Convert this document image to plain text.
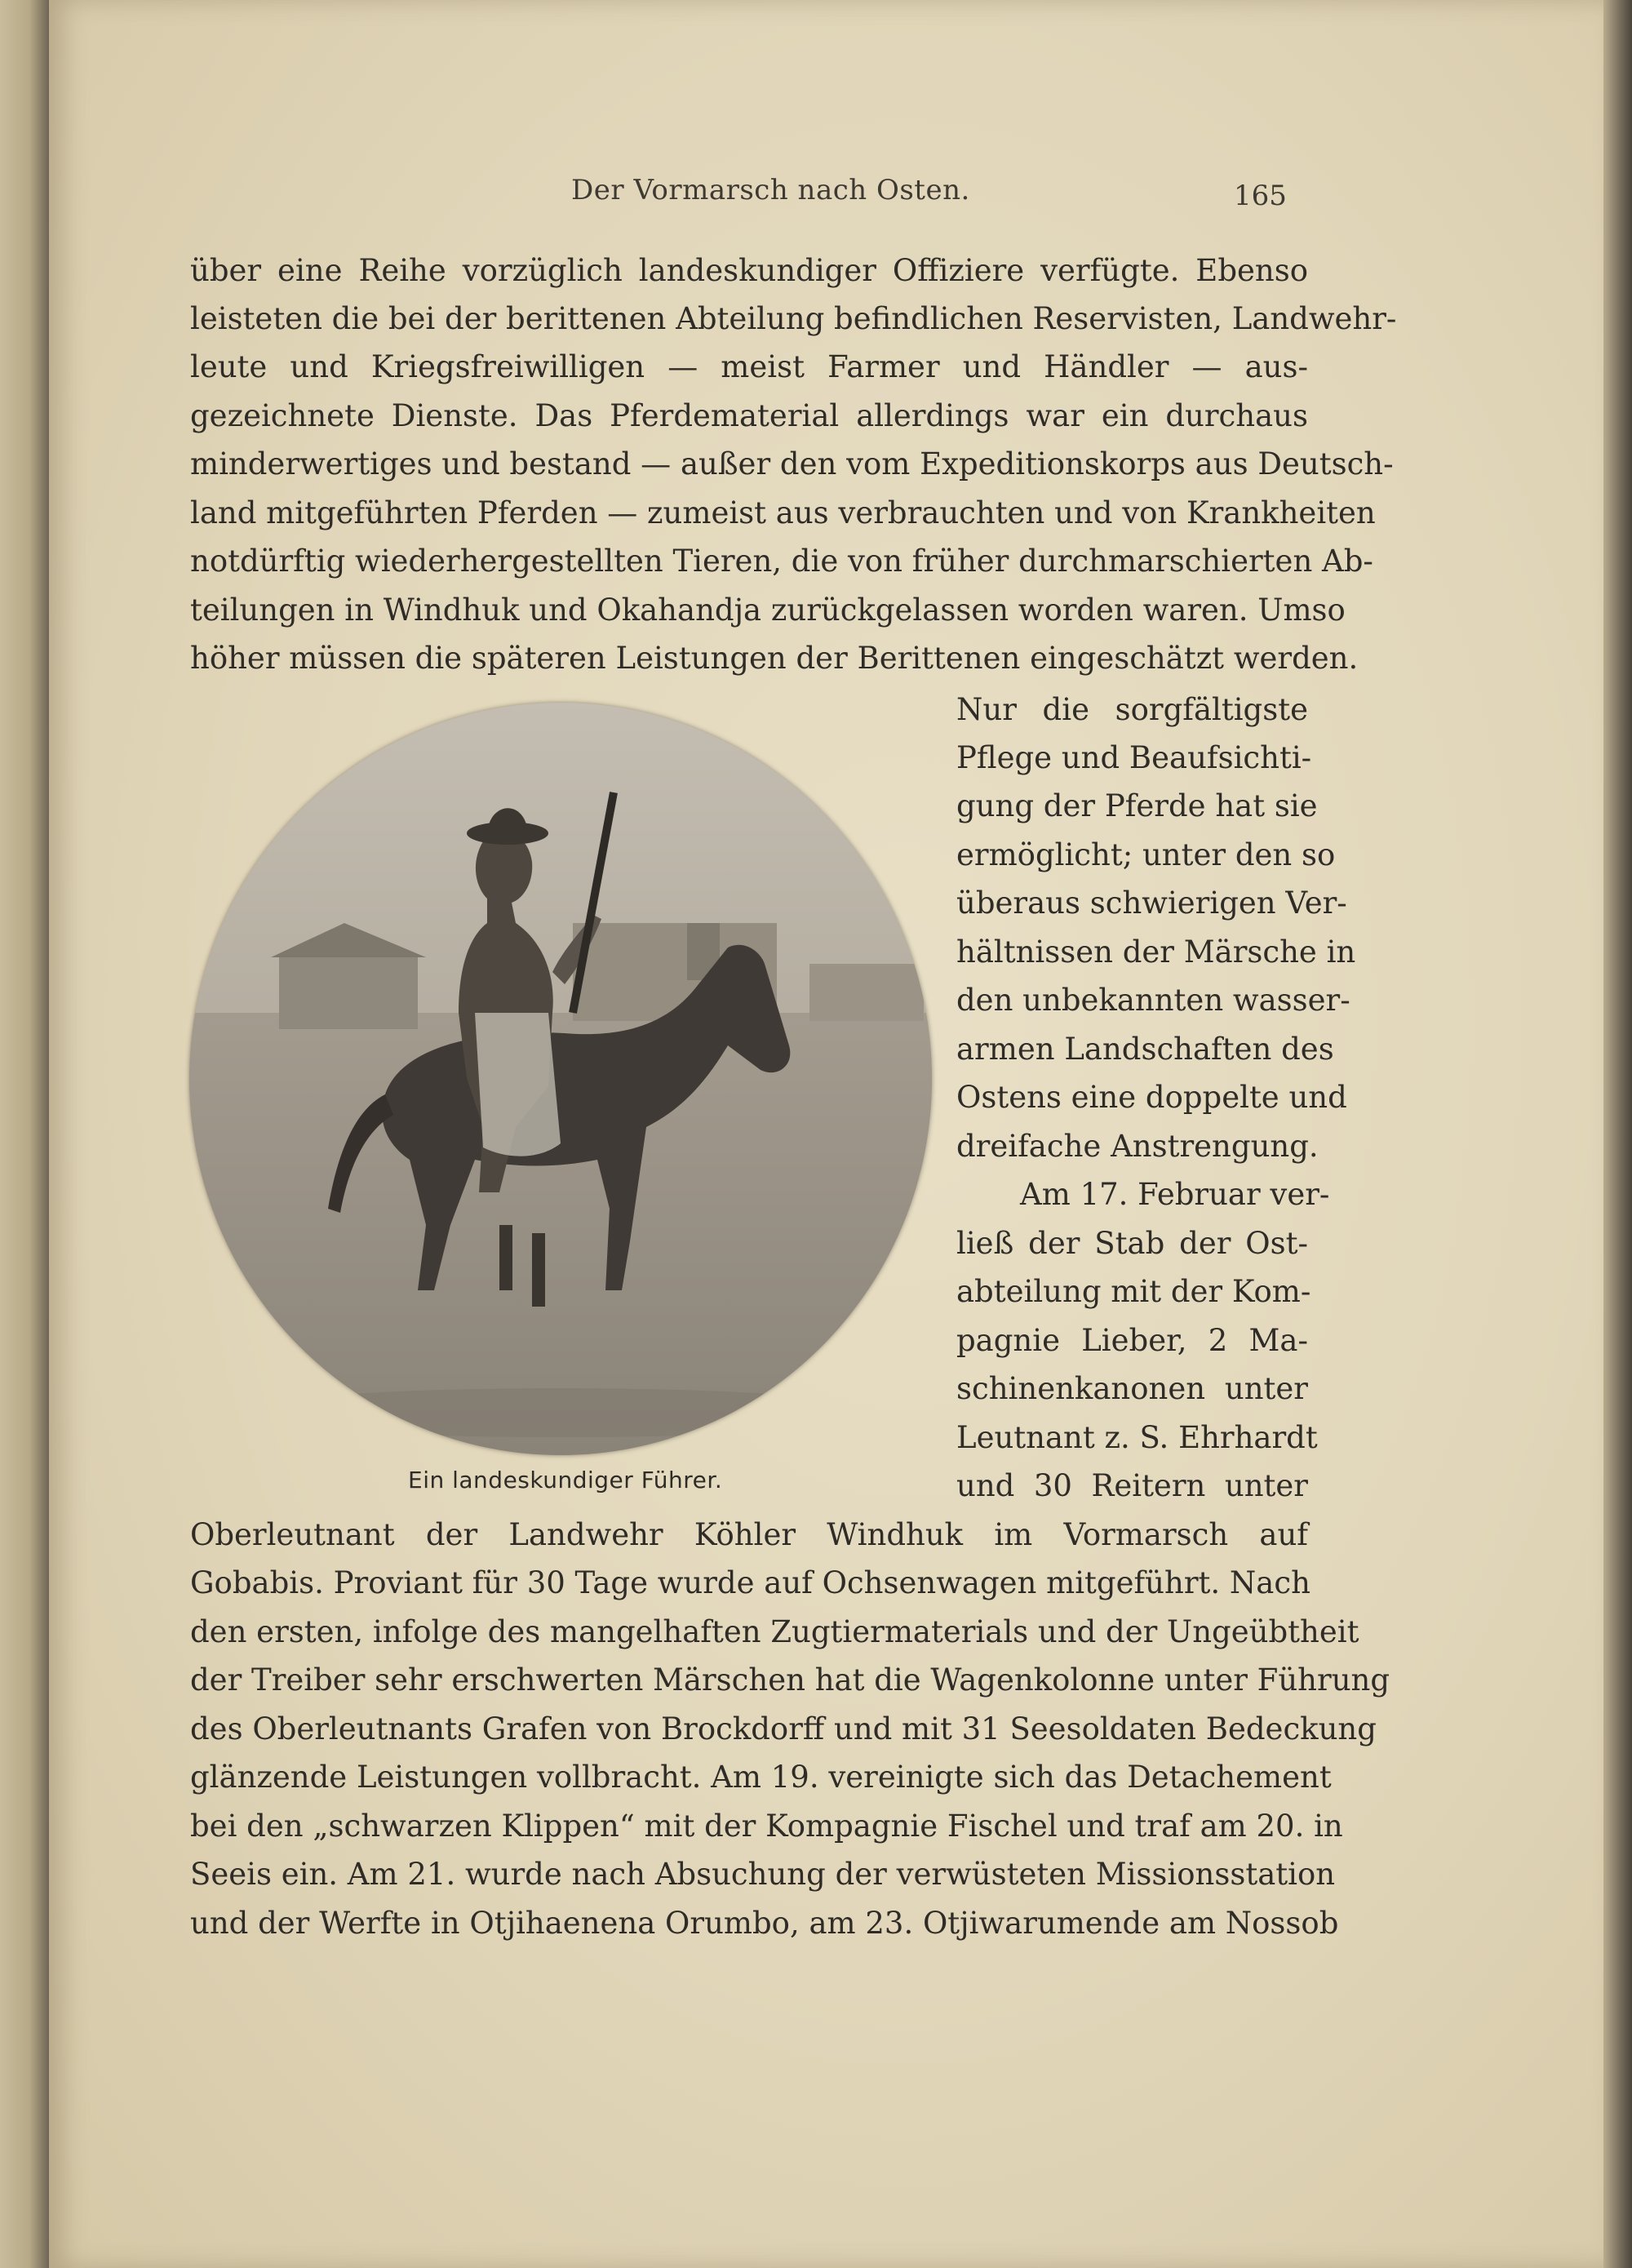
Der Vormarsch nach Osten.	165
über eine Reihe vorzüglich landeskundiger Offiziere verfügte. Ebenso
leisteten die bei der berittenen Abteilung befindlichen Reservisten, Landwehr-
leute und Kriegsfreiwilligen — meist Farmer und Händler — aus-
gezeichnete Dienste. Das Pferdematerial allerdings war ein durchaus
minderwertiges und bestand — außer den vom Expeditionskorps aus Deutsch-
land mitgeführten Pferden — zumeist aus verbrauchten und von Krankheiten
notdürftig wiederhergestellten Tieren, die von früher durchmarschierten Ab-
teilungen in Windhuk und Okahandja zurückgelassen worden waren. Umso
höher müssen die späteren Leistungen der Berittenen eingeschätzt werden.
Ein landeskundiger Führer.
Nur die sorgfältigste
Pflege und Beaufsichti-
gung der Pferde hat sie
ermöglicht; unter den so
überaus schwierigen Ver-
hältnissen der Märsche in
den unbekannten wasser-
armen Landschaften des
Ostens eine doppelte und
dreifache Anstrengung.
Am 17. Februar ver-
ließ der Stab der Ost-
abteilung mit der Kom-
pagnie Lieber, 2 Ma-
schinenkanonen unter
Leutnant z. S. Ehrhardt
und 30 Reitern unter
Oberleutnant der Landwehr Köhler Windhuk im Vormarsch auf
Gobabis. Proviant für 30 Tage wurde auf Ochsenwagen mitgeführt. Nach
den ersten, infolge des mangelhaften Zugtiermaterials und der Ungeübtheit
der Treiber sehr erschwerten Märschen hat die Wagenkolonne unter Führung
des Oberleutnants Grafen von Brockdorff und mit 31 Seesoldaten Bedeckung
glänzende Leistungen vollbracht. Am 19. vereinigte sich das Detachement
bei den „schwarzen Klippen“ mit der Kompagnie Fischel und traf am 20. in
Seeis ein. Am 21. wurde nach Absuchung der verwüsteten Missionsstation
und der Werfte in Otjihaenena Orumbo, am 23. Otjiwarumende am Nossob
